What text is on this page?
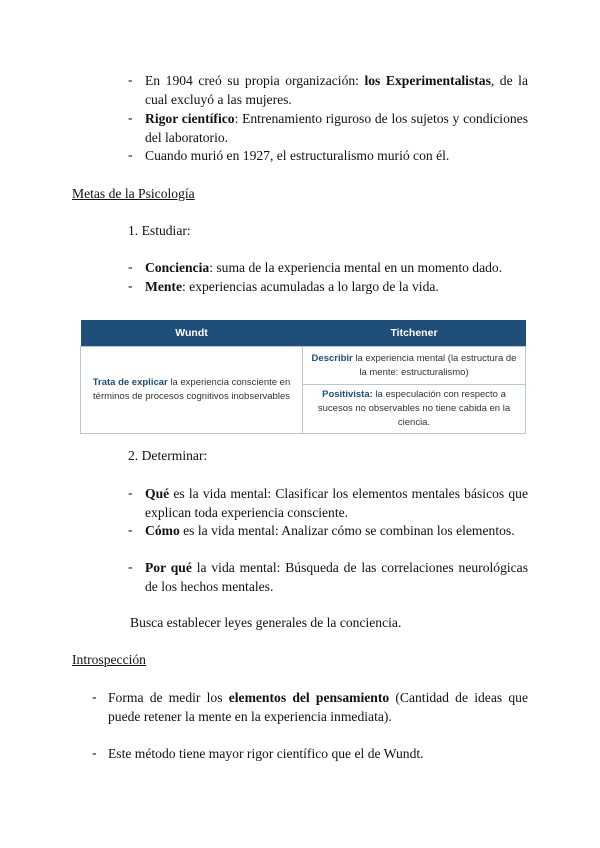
- En 1904 creó su propia organización: los Experimentalistas, de la cual excluyó a las mujeres.
- Rigor científico: Entrenamiento riguroso de los sujetos y condiciones del laboratorio.
- Cuando murió en 1927, el estructuralismo murió con él.
Metas de la Psicología
1. Estudiar:
- Conciencia: suma de la experiencia mental en un momento dado.
- Mente: experiencias acumuladas a lo largo de la vida.
Wundt	Titchener
Trata de explicar la experiencia consciente en términos de procesos cognitivos inobservables	Describir la experiencia mental (la estructura de la mente: estructuralismo)
	Positivista: la especulación con respecto a sucesos no observables no tiene cabida en la ciencia.
2. Determinar:
- Qué es la vida mental: Clasificar los elementos mentales básicos que explican toda experiencia consciente.
- Cómo es la vida mental: Analizar cómo se combinan los elementos.
- Por qué la vida mental: Búsqueda de las correlaciones neurológicas de los hechos mentales.
Busca establecer leyes generales de la conciencia.
Introspección
- Forma de medir los elementos del pensamiento (Cantidad de ideas que puede retener la mente en la experiencia inmediata).
- Este método tiene mayor rigor científico que el de Wundt.
